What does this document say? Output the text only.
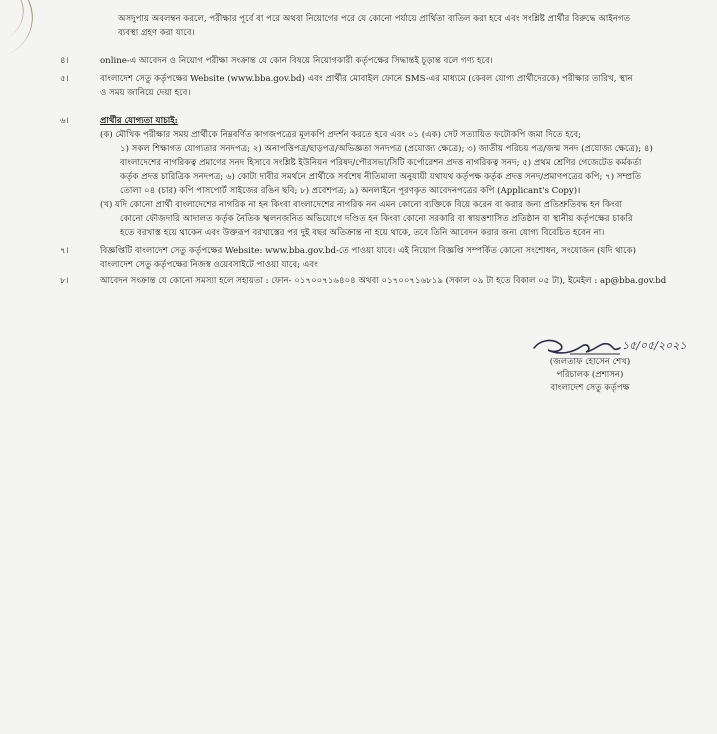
অসদুপায় অবলম্বন করলে, পরীক্ষার পূর্বে বা পরে অথবা নিয়োগের পরে যে কোনো পর্যায়ে প্রার্থিতা বাতিল করা হবে এবং সংশ্লিষ্ট প্রার্থীর বিরুদ্ধে আইনগত
ব্যবস্থা গ্রহণ করা যাবে।
৪।	online-এ আবেদন ও নিয়োগ পরীক্ষা সংক্রান্ত যে কোন বিষয়ে নিয়োগকারী কর্তৃপক্ষের সিদ্ধান্তই চূড়ান্ত বলে গণ্য হবে।
৫।	বাংলাদেশ সেতু কর্তৃপক্ষের Website (www.bba.gov.bd) এবং প্রার্থীর মোবাইল ফোনে SMS-এর মাধ্যমে (কেবল যোগ্য প্রার্থীদেরকে) পরীক্ষার তারিখ, স্থান
ও সময় জানিয়ে দেয়া হবে।
৬।	প্রার্থীর যোগ্যতা যাচাই:
(ক) মৌখিক পরীক্ষার সময় প্রার্থীকে নিম্নবর্ণিত কাগজপত্রের মূলকপি প্রদর্শন করতে হবে এবং ০১ (এক) সেট সত্যায়িত ফটোকপি জমা দিতে হবে;
১) সকল শিক্ষাগত যোগ্যতার সনদপত্র; ২) অনাপত্তিপত্র/ছাড়পত্র/অভিজ্ঞতা সনদপত্র (প্রযোজ্য ক্ষেত্রে); ৩) জাতীয় পরিচয় পত্র/জন্ম সনদ (প্রযোজ্য ক্ষেত্রে); ৪)
বাংলাদেশের নাগরিকত্ব প্রমাণের সনদ হিসাবে সংশ্লিষ্ট ইউনিয়ন পরিষদ/পৌরসভা/সিটি কর্পোরেশন প্রদত্ত নাগরিকত্ব সনদ; ৫) প্রথম শ্রেণির গেজেটেড কর্মকর্তা
কর্তৃক প্রদত্ত চারিত্রিক সনদপত্র; ৬) কোটা দাবীর সমর্থনে প্রার্থীকে সর্বশেষ নীতিমালা অনুযায়ী যথাযথ কর্তৃপক্ষ কর্তৃক প্রদত্ত সনদ/প্রমাণপত্রের কপি; ৭) সম্প্রতি
তোলা ০৪ (চার) কপি পাসপোর্ট সাইজের রঙিন ছবি; ৮) প্রবেশপত্র; ৯) অনলাইনে পূরণকৃত আবেদনপত্রের কপি (Applicant's Copy)।
(খ) যদি কোনো প্রার্থী বাংলাদেশের নাগরিক না হন কিংবা বাংলাদেশের নাগরিক নন এমন কোনো ব্যক্তিকে বিয়ে করেন বা করার জন্য প্রতিশ্রুতিবদ্ধ হন কিংবা
কোনো ফৌজদারি আদালত কর্তৃক নৈতিক স্খলনজনিত অভিযোগে দণ্ডিত হন কিংবা কোনো সরকারি বা স্বায়ত্তশাসিত প্রতিষ্ঠান বা স্থানীয় কর্তৃপক্ষের চাকরি
হতে বরখাস্ত হয়ে থাকেন এবং উক্তরূপ বরখাস্তের পর দুই বছর অতিক্রান্ত না হয়ে থাকে, তবে তিনি আবেদন করার জন্য যোগ্য বিবেচিত হবেন না।
৭।	বিজ্ঞপ্তিটি বাংলাদেশ সেতু কর্তৃপক্ষের Website: www.bba.gov.bd-তে পাওয়া যাবে। এই নিয়োগ বিজ্ঞপ্তি সম্পর্কিত কোনো সংশোধন, সংযোজন (যদি থাকে)
বাংলাদেশ সেতু কর্তৃপক্ষের নিজস্ব ওয়েবসাইটে পাওয়া যাবে; এবং
৮।	আবেদন সংক্রান্ত যে কোনো সমস্যা হলে সহায়তা : ফোন- ০১৭০০৭১৬৪০৪ অথবা ০১৭০০৭১৬৮১৯ (সকাল ০৯ টা হতে বিকাল ০৫ টা), ইমেইল : ap@bba.gov.bd
১৫/০৫/২০২১
(জলতাফ হোসেন শেখ)
পরিচালক (প্রশাসন)
বাংলাদেশ সেতু কর্তৃপক্ষ
